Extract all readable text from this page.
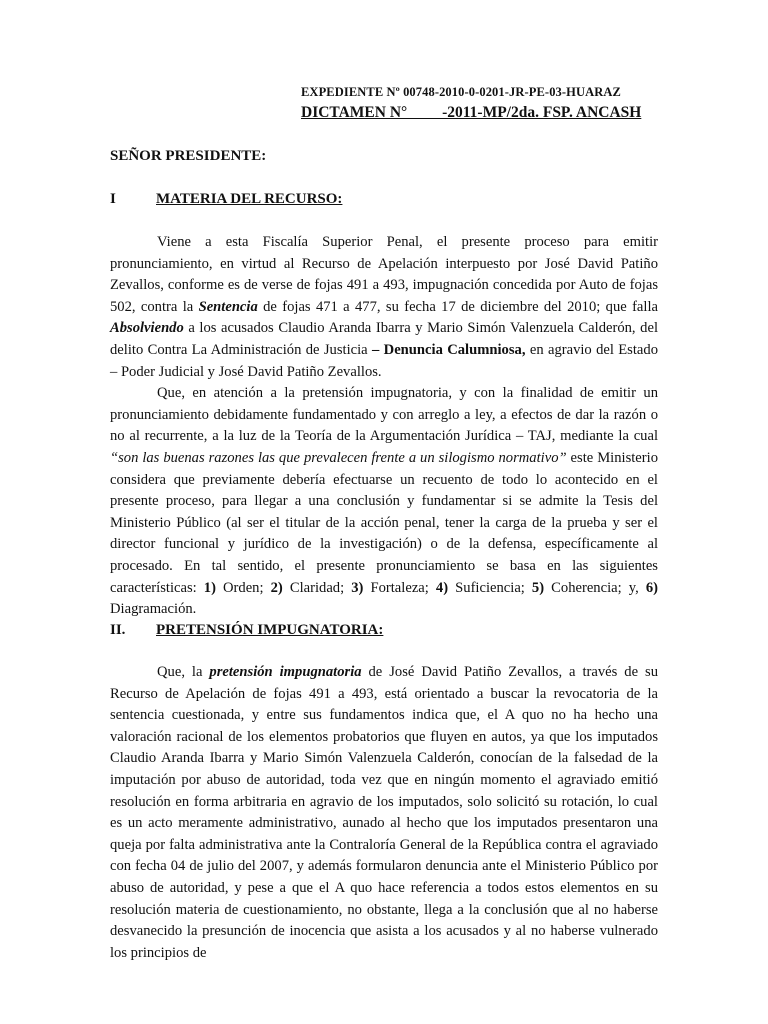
EXPEDIENTE Nº 00748-2010-0-0201-JR-PE-03-HUARAZ
DICTAMEN N°         -2011-MP/2da. FSP. ANCASH
SEÑOR PRESIDENTE:
I	MATERIA DEL RECURSO:

Viene a esta Fiscalía Superior Penal, el presente proceso para emitir pronunciamiento, en virtud al Recurso de Apelación interpuesto por José David Patiño Zevallos, conforme es de verse de fojas 491 a 493, impugnación concedida por Auto de fojas 502, contra la Sentencia de fojas 471 a 477, su fecha 17 de diciembre del 2010; que falla Absolviendo a los acusados Claudio Aranda Ibarra y Mario Simón Valenzuela Calderón, del delito Contra La Administración de Justicia – Denuncia Calumniosa, en agravio del Estado – Poder Judicial y José David Patiño Zevallos.

Que, en atención a la pretensión impugnatoria, y con la finalidad de emitir un pronunciamiento debidamente fundamentado y con arreglo a ley, a efectos de dar la razón o no al recurrente, a la luz de la Teoría de la Argumentación Jurídica – TAJ, mediante la cual “son las buenas razones las que prevalecen frente a un silogismo normativo” este Ministerio considera que previamente debería efectuarse un recuento de todo lo acontecido en el presente proceso, para llegar a una conclusión y fundamentar si se admite la Tesis del Ministerio Público (al ser el titular de la acción penal, tener la carga de la prueba y ser el director funcional y jurídico de la investigación) o de la defensa, específicamente al procesado. En tal sentido, el presente pronunciamiento se basa en las siguientes características: 1) Orden; 2) Claridad; 3) Fortaleza; 4) Suficiencia; 5) Coherencia; y, 6) Diagramación.

II. PRETENSIÓN IMPUGNATORIA:

Que, la pretensión impugnatoria de José David Patiño Zevallos, a través de su Recurso de Apelación de fojas 491 a 493, está orientado a buscar la revocatoria de la sentencia cuestionada, y entre sus fundamentos indica que, el A quo no ha hecho una valoración racional de los elementos probatorios que fluyen en autos, ya que los imputados Claudio Aranda Ibarra y Mario Simón Valenzuela Calderón, conocían de la falsedad de la imputación por abuso de autoridad, toda vez que en ningún momento el agraviado emitió resolución en forma arbitraria en agravio de los imputados, solo solicitó su rotación, lo cual es un acto meramente administrativo, aunado al hecho que los imputados presentaron una queja por falta administrativa ante la Contraloría General de la República contra el agraviado con fecha 04 de julio del 2007, y además formularon denuncia ante el Ministerio Público por abuso de autoridad, y pese a que el A quo hace referencia a todos estos elementos en su resolución materia de cuestionamiento, no obstante, llega a la conclusión que al no haberse desvanecido la presunción de inocencia que asista a los acusados y al no haberse vulnerado los principios de
